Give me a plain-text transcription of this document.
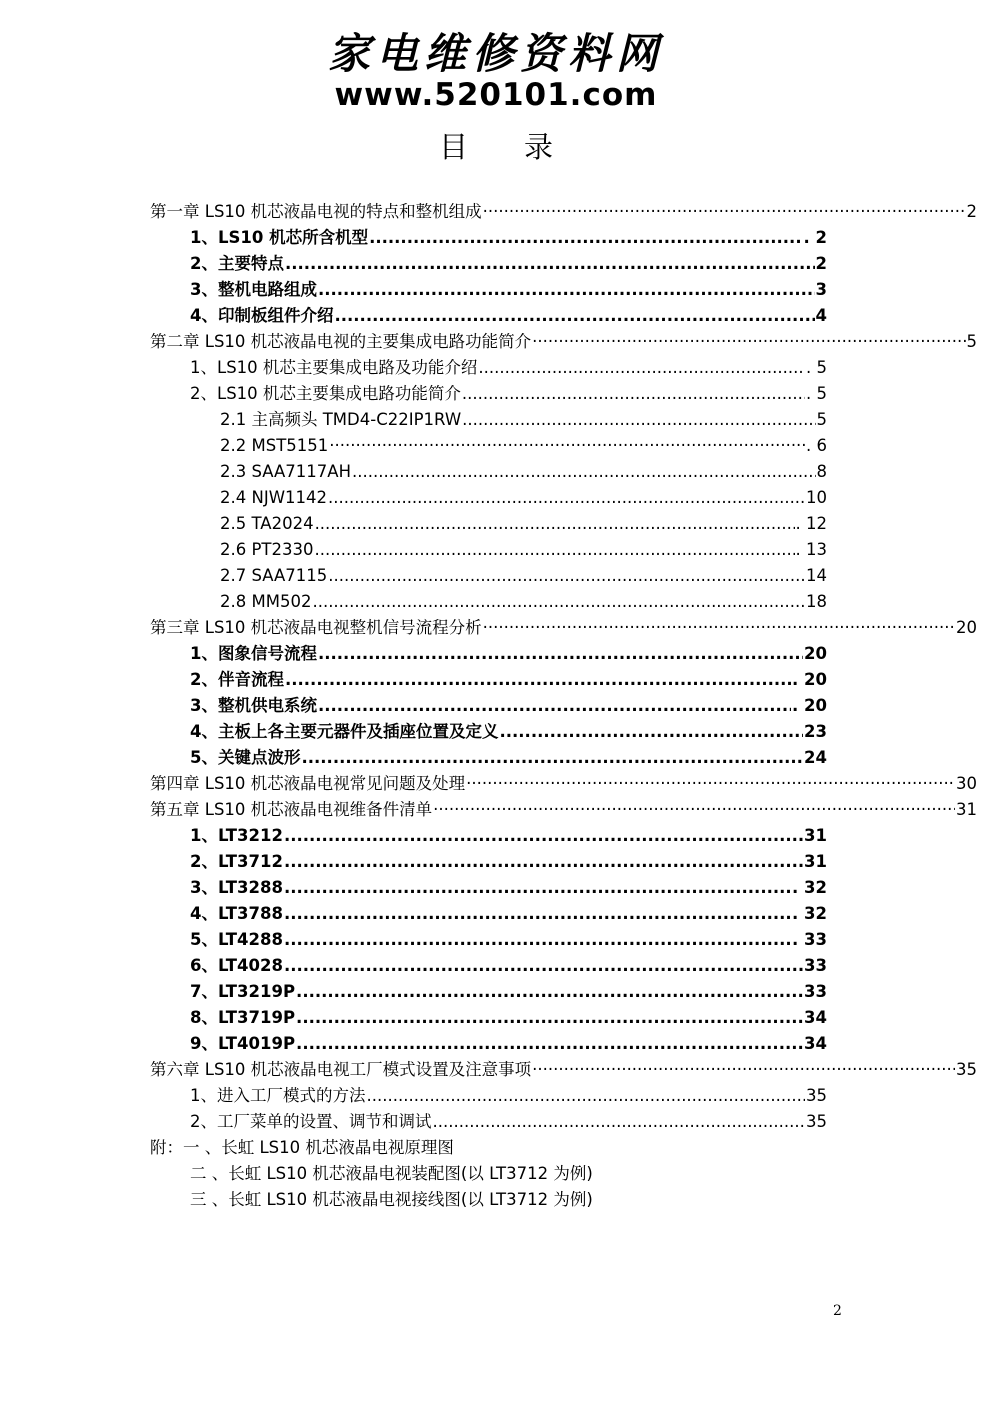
家电维修资料网
www.520101.com
目录
第一章 LS10 机芯液晶电视的特点和整机组成 ·····	2
1、LS10 机芯所含机型 .....	. 2
2、主要特点 .....	2
3、整机电路组成 .....	3
4、印制板组件介绍 .....	4
第二章 LS10 机芯液晶电视的主要集成电路功能简介 ·····	5
1、LS10 机芯主要集成电路及功能介绍 .....	. 5
2、LS10 机芯主要集成电路功能简介 .....	. 5
2.1 主高频头 TMD4-C22IP1RW .....	5
2.2 MST5151 ·····	. 6
2.3 SAA7117AH .....	8
2.4 NJW1142 .....	10
2.5 TA2024 .....	. 12
2.6 PT2330 .....	. 13
2.7 SAA7115 .....	14
2.8 MM502 .....	18
第三章 LS10 机芯液晶电视整机信号流程分析 ·····	20
1、图象信号流程 .....	20
2、伴音流程 .....	. 20
3、整机供电系统 .....	. 20
4、主板上各主要元器件及插座位置及定义 .....	23
5、关键点波形 .....	24
第四章 LS10 机芯液晶电视常见问题及处理 ·····	30
第五章 LS10 机芯液晶电视维备件清单 ·····	31
1、LT3212 .....	31
2、LT3712 .....	31
3、LT3288 .....	. 32
4、LT3788 .....	. 32
5、LT4288 .....	. 33
6、LT4028 .....	33
7、LT3219P .....	33
8、LT3719P .....	34
9、LT4019P .....	34
第六章 LS10 机芯液晶电视工厂模式设置及注意事项 ·····	35
1、进入工厂模式的方法 .....	35
2、工厂菜单的设置、调节和调试 .....	35
附：一 、长虹 LS10 机芯液晶电视原理图
二 、长虹 LS10 机芯液晶电视装配图(以 LT3712 为例)
三 、长虹 LS10 机芯液晶电视接线图(以 LT3712 为例)
2
